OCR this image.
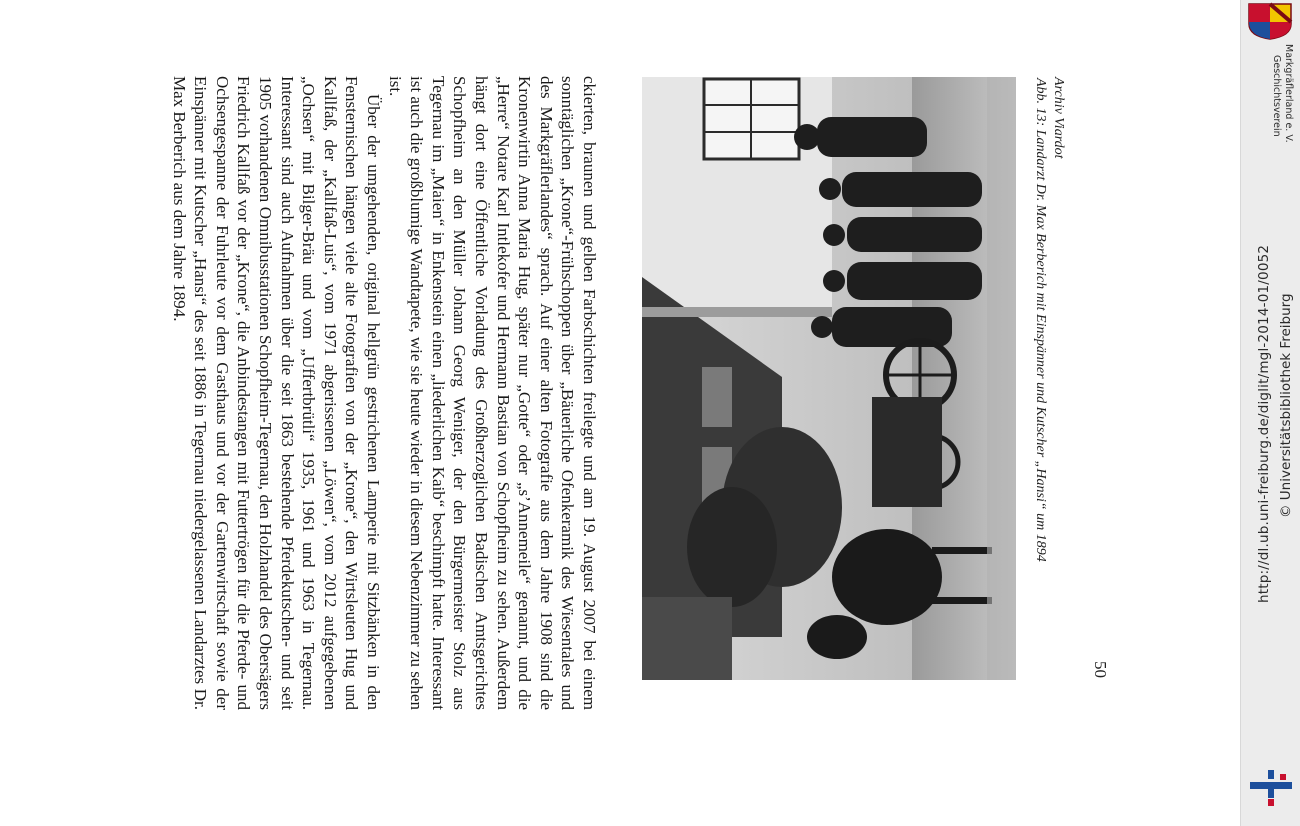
ckierten, braunen und gelben Farbschichten freilegte und am 19. August 2007 bei einem sonntäglichen „Krone“-Frühschoppen über „Bäuerliche Ofenkeramik des Wiesentales und des Markgräflerlandes“ sprach. Auf einer alten Fotografie aus dem Jahre 1908 sind die Kronenwirtin Anna Maria Hug, später nur „Gotte“ oder „s’Annemeile“ genannt, und die „Herre“ Notare Karl Intlekofer und Hermann Bastian von Schopfheim zu sehen. Außerdem hängt dort eine Öffentliche Vorladung des Großherzoglichen Badischen Amtsgerichtes Schopfheim an den Müller Johann Georg Weniger, der den Bürgermeister Stolz aus Tegernau im „Maien“ in Enkenstein einen „liederlichen Kaib“ beschimpft hatte. Interessant ist auch die großblumige Wandtapete, wie sie heute wieder in diesem Nebenzimmer zu sehen ist.

Über der umgehenden, original hellgrün gestrichenen Lamperie mit Sitzbänken in den Fensternischen hängen viele alte Fotografien von der „Krone“, den Wirtsleuten Hug und Kallfaß, der „Kallfaß-Luis“, vom 1971 abgerissenen „Löwen“, vom 2012 aufgegebenen „Ochsen“ mit Bilger-Bräu und vom „Uffertbrütli“ 1935, 1961 und 1963 in Tegernau. Interessant sind auch Aufnahmen über die seit 1863 bestehende Pferdekutschen- und seit 1905 vorhandenen Omnibusstationen Schopfheim-Tegernau, den Holzhandel des Obersägers Friedrich Kallfaß vor der „Krone“, die Anbindestangen mit Futtertrögen für die Pferde- und Ochsengespanne der Fuhrleute vor dem Gasthaus und vor der Gartenwirtschaft sowie der Einspänner mit Kutscher „Hansi“ des seit 1886 in Tegernau niedergelassenen Landarztes Dr. Max Berberich aus dem Jahre 1894.	Abb. 13: Landarzt Dr. Max Berberich mit Einspänner und Kutscher „Hansi“ um 1894 Archiv Viardot
50
Geschichtsverein Markgräflerland e. V.
http://dl.ub.uni-freiburg.de/diglit/mgl-2014-01/0052 © Universitätsbibliothek Freiburg
